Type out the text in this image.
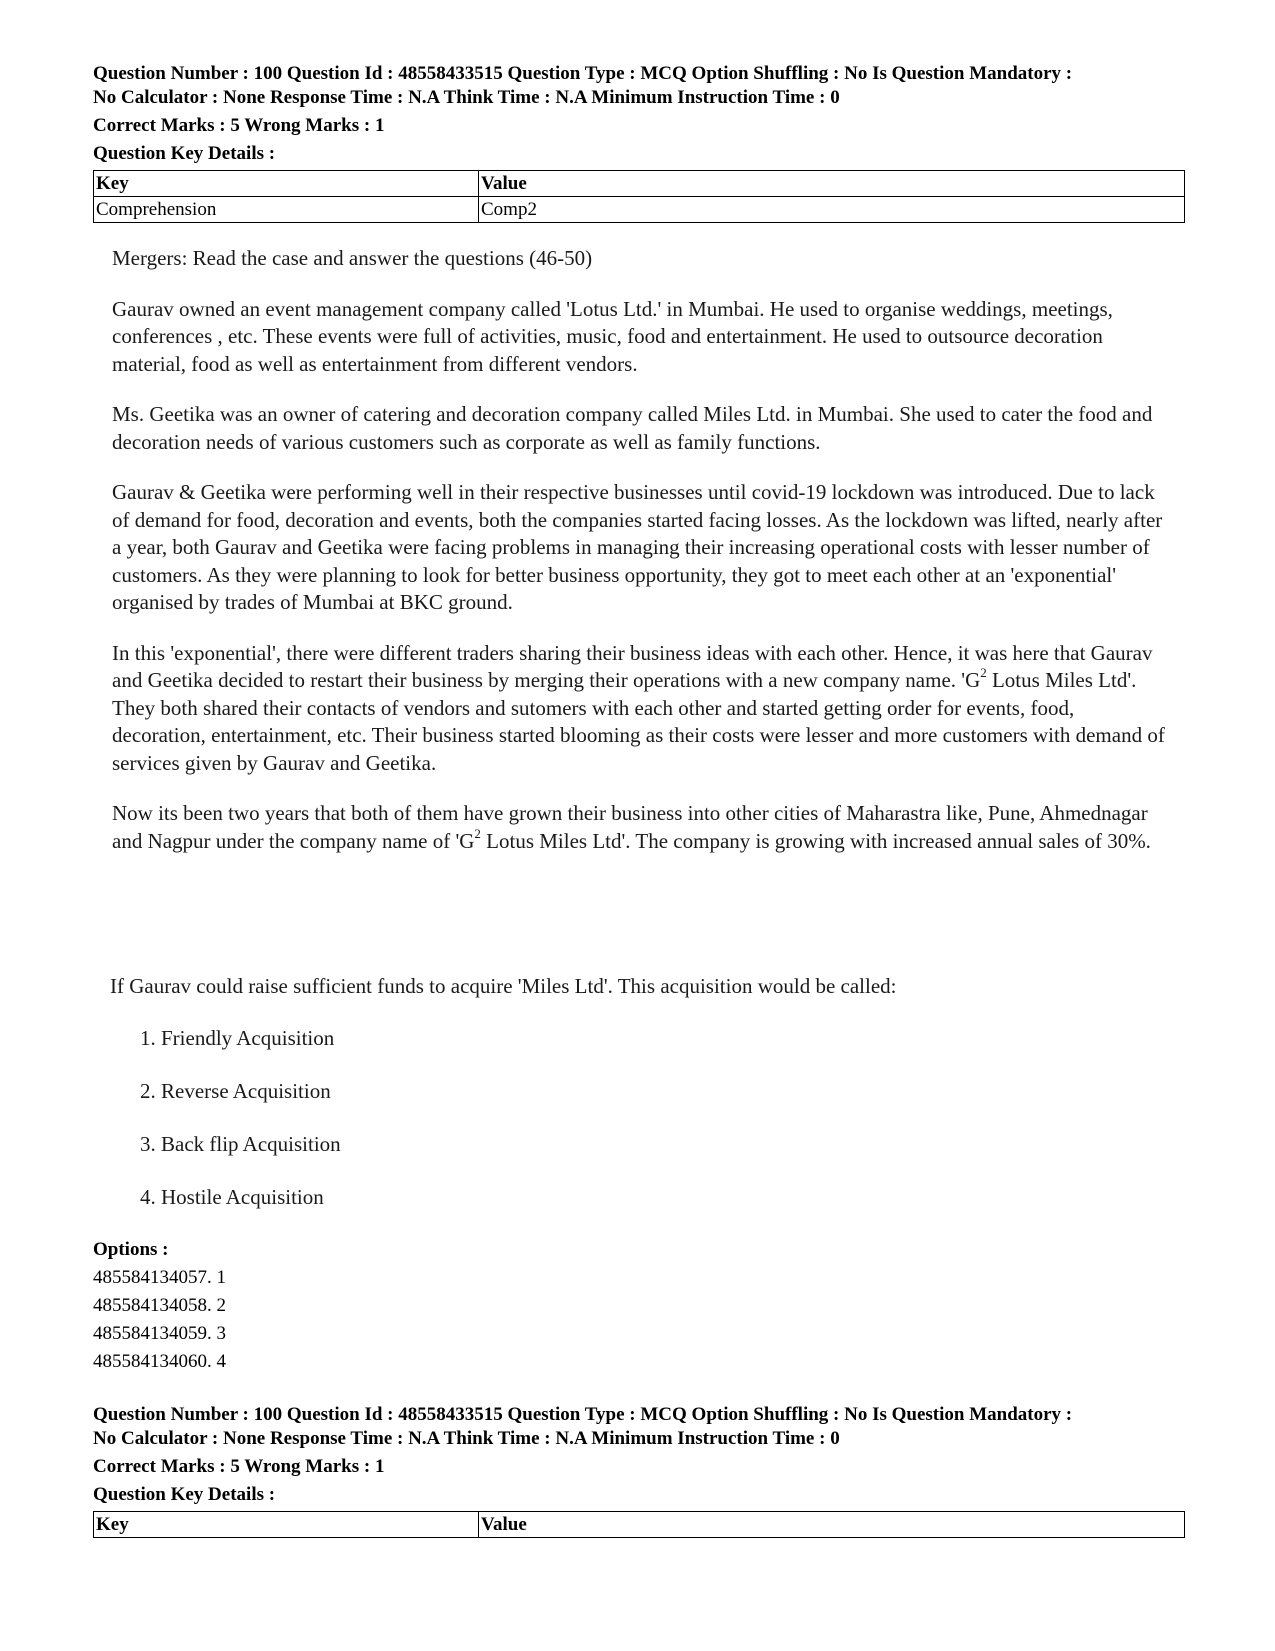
Question Number : 100 Question Id : 48558433515 Question Type : MCQ Option Shuffling : No Is Question Mandatory :

No Calculator : None Response Time : N.A Think Time : N.A Minimum Instruction Time : 0

Correct Marks : 5 Wrong Marks : 1

Question Key Details :

Key	Value
Comprehension	Comp2

Mergers: Read the case and answer the questions (46-50)

Gaurav owned an event management company called 'Lotus Ltd.' in Mumbai. He used to organise weddings, meetings, conferences , etc. These events were full of activities, music, food and entertainment. He used to outsource decoration material, food as well as entertainment from different vendors.

Ms. Geetika was an owner of catering and decoration company called Miles Ltd. in Mumbai. She used to cater the food and decoration needs of various customers such as corporate as well as family functions.

Gaurav & Geetika were performing well in their respective businesses until covid-19 lockdown was introduced. Due to lack of demand for food, decoration and events, both the companies started facing losses. As the lockdown was lifted, nearly after a year, both Gaurav and Geetika were facing problems in managing their increasing operational costs with lesser number of customers. As they were planning to look for better business opportunity, they got to meet each other at an 'exponential' organised by trades of Mumbai at BKC ground.

In this 'exponential', there were different traders sharing their business ideas with each other. Hence, it was here that Gaurav and Geetika decided to restart their business by merging their operations with a new company name. '$G^2$ Lotus Miles Ltd'. They both shared their contacts of vendors and sutomers with each other and started getting order for events, food, decoration, entertainment, etc. Their business started blooming as their costs were lesser and more customers with demand of services given by Gaurav and Geetika.

Now its been two years that both of them have grown their business into other cities of Maharastra like, Pune, Ahmednagar and Nagpur under the company name of '$G^2$ Lotus Miles Ltd'. The company is growing with increased annual sales of 30%.

If Gaurav could raise sufficient funds to acquire 'Miles Ltd'. This acquisition would be called:
1. Friendly Acquisition
2. Reverse Acquisition
3. Back flip Acquisition
4. Hostile Acquisition
Options :
485584134057. 1
485584134058. 2
485584134059. 3
485584134060. 4

Question Number : 100 Question Id : 48558433515 Question Type : MCQ Option Shuffling : No Is Question Mandatory :

No Calculator : None Response Time : N.A Think Time : N.A Minimum Instruction Time : 0

Correct Marks : 5 Wrong Marks : 1

Question Key Details :

Key	Value
